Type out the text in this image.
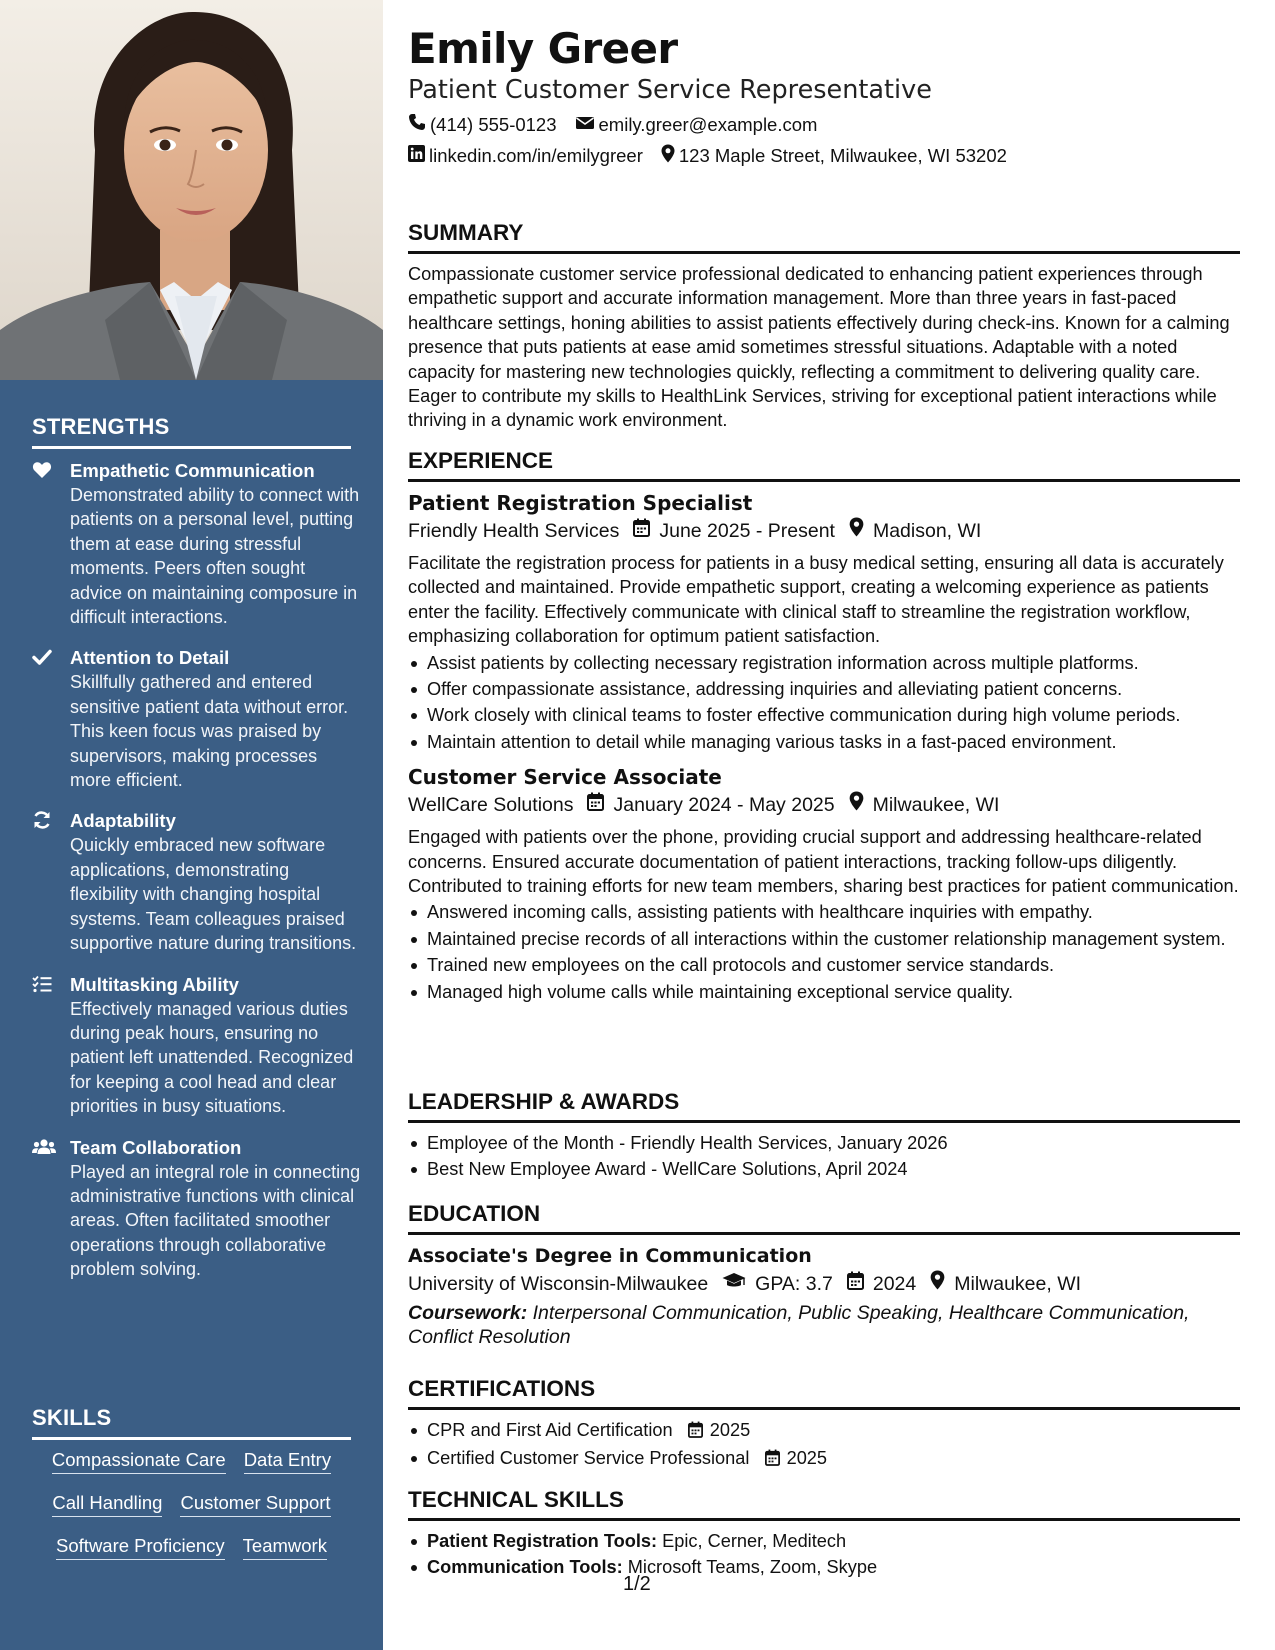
STRENGTHS
Empathetic Communication
Demonstrated ability to connect with patients on a personal level, putting them at ease during stressful moments. Peers often sought advice on maintaining composure in difficult interactions.
Attention to Detail
Skillfully gathered and entered sensitive patient data without error. This keen focus was praised by supervisors, making processes more efficient.
Adaptability
Quickly embraced new software applications, demonstrating flexibility with changing hospital systems. Team colleagues praised supportive nature during transitions.
Multitasking Ability
Effectively managed various duties during peak hours, ensuring no patient left unattended. Recognized for keeping a cool head and clear priorities in busy situations.
Team Collaboration
Played an integral role in connecting administrative functions with clinical areas. Often facilitated smoother operations through collaborative problem solving.
SKILLS
Compassionate Care Data Entry
Call Handling Customer Support
Software Proficiency Teamwork
Emily Greer
Patient Customer Service Representative
(414) 555-0123 emily.greer@example.com
linkedin.com/in/emilygreer 123 Maple Street, Milwaukee, WI 53202
SUMMARY
Compassionate customer service professional dedicated to enhancing patient experiences through empathetic support and accurate information management. More than three years in fast-paced healthcare settings, honing abilities to assist patients effectively during check-ins. Known for a calming presence that puts patients at ease amid sometimes stressful situations. Adaptable with a noted capacity for mastering new technologies quickly, reflecting a commitment to delivering quality care. Eager to contribute my skills to HealthLink Services, striving for exceptional patient interactions while thriving in a dynamic work environment.
EXPERIENCE
Patient Registration Specialist
Friendly Health Services June 2025 - Present Madison, WI
Facilitate the registration process for patients in a busy medical setting, ensuring all data is accurately collected and maintained. Provide empathetic support, creating a welcoming experience as patients enter the facility. Effectively communicate with clinical staff to streamline the registration workflow, emphasizing collaboration for optimum patient satisfaction.
Assist patients by collecting necessary registration information across multiple platforms.
Offer compassionate assistance, addressing inquiries and alleviating patient concerns.
Work closely with clinical teams to foster effective communication during high volume periods.
Maintain attention to detail while managing various tasks in a fast-paced environment.
Customer Service Associate
WellCare Solutions January 2024 - May 2025 Milwaukee, WI
Engaged with patients over the phone, providing crucial support and addressing healthcare-related concerns. Ensured accurate documentation of patient interactions, tracking follow-ups diligently. Contributed to training efforts for new team members, sharing best practices for patient communication.
Answered incoming calls, assisting patients with healthcare inquiries with empathy.
Maintained precise records of all interactions within the customer relationship management system.
Trained new employees on the call protocols and customer service standards.
Managed high volume calls while maintaining exceptional service quality.
LEADERSHIP & AWARDS
Employee of the Month - Friendly Health Services, January 2026
Best New Employee Award - WellCare Solutions, April 2024
EDUCATION
Associate's Degree in Communication
University of Wisconsin-Milwaukee GPA: 3.7 2024 Milwaukee, WI
Coursework: Interpersonal Communication, Public Speaking, Healthcare Communication, Conflict Resolution
CERTIFICATIONS
CPR and First Aid Certification 2025
Certified Customer Service Professional 2025
TECHNICAL SKILLS
Patient Registration Tools: Epic, Cerner, Meditech
Communication Tools: Microsoft Teams, Zoom, Skype
1/2
